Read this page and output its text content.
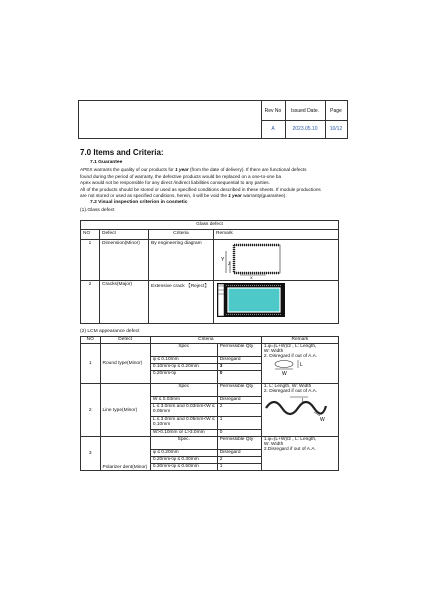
Rev No	Issued Date.	Page
A	2023.05.10	10/12
7.0 Items and Criteria:
7.1 Guarantee
APEX warrants the quality of our products for 1 year (from the date of delivery). If there are functional defects
found during the period of warranty, the defective products would be replaced on a one-to-one ba
Apex would not be responsible for any direct /indirect liabilities consequential to any parties.
All of the products should be stored or used as specified conditions described in these sheets. If module productions
are not stored or used as specified conditions, herein, it will be void the 1 year warranty(guarantee).
7.2 Visual inspection criterion in cosmetic
(1).Glass defect
Glass defect			
NO	Defect	Criteria	Remark
1	Dimension(Minor)	By engineering diagram	Y
Z
X

2	Cracks(Major)	Extensive crack 【Reject】	
(2) LCM appearance defect
NO	Defect	Criteria		Remark
1	Round type(Minor)	Spec	Permissible Qty	1.φ=(L+W)/2 , L: Length,
W: Width
2. Disregard if out of A.A.
L
W

		φ ≤ 0.10mm	Disregard	
		0.10mm<φ ≤ 0.20mm	3	
		0.20mm<φ	0	
2	Line type(Minor)	Spec	Permissible Qty	1. L: Length, W: Width
2. Disregard if out of A.A.
L
W

		W ≤ 0.03mm	Disregard	
		L ≤ 3.0mm and 0.03mm<W ≤ 0.05mm	2	
		L ≤ 3.0mm and 0.05mm<W ≤ 0.10mm	1	
		W>0.10mm or L>3.0mm	0	
3	Polarizer dent(Minor)	Spec.	Permissible Qty	1.φ=(L+W)/2 , L: Length,
W: Width
2.Disregard if out of A.A.

		φ ≤ 0.20mm	Disregard	
		0.20mm<φ ≤ 0.30mm	2	
		0.30mm<φ ≤ 0.50mm	1	
